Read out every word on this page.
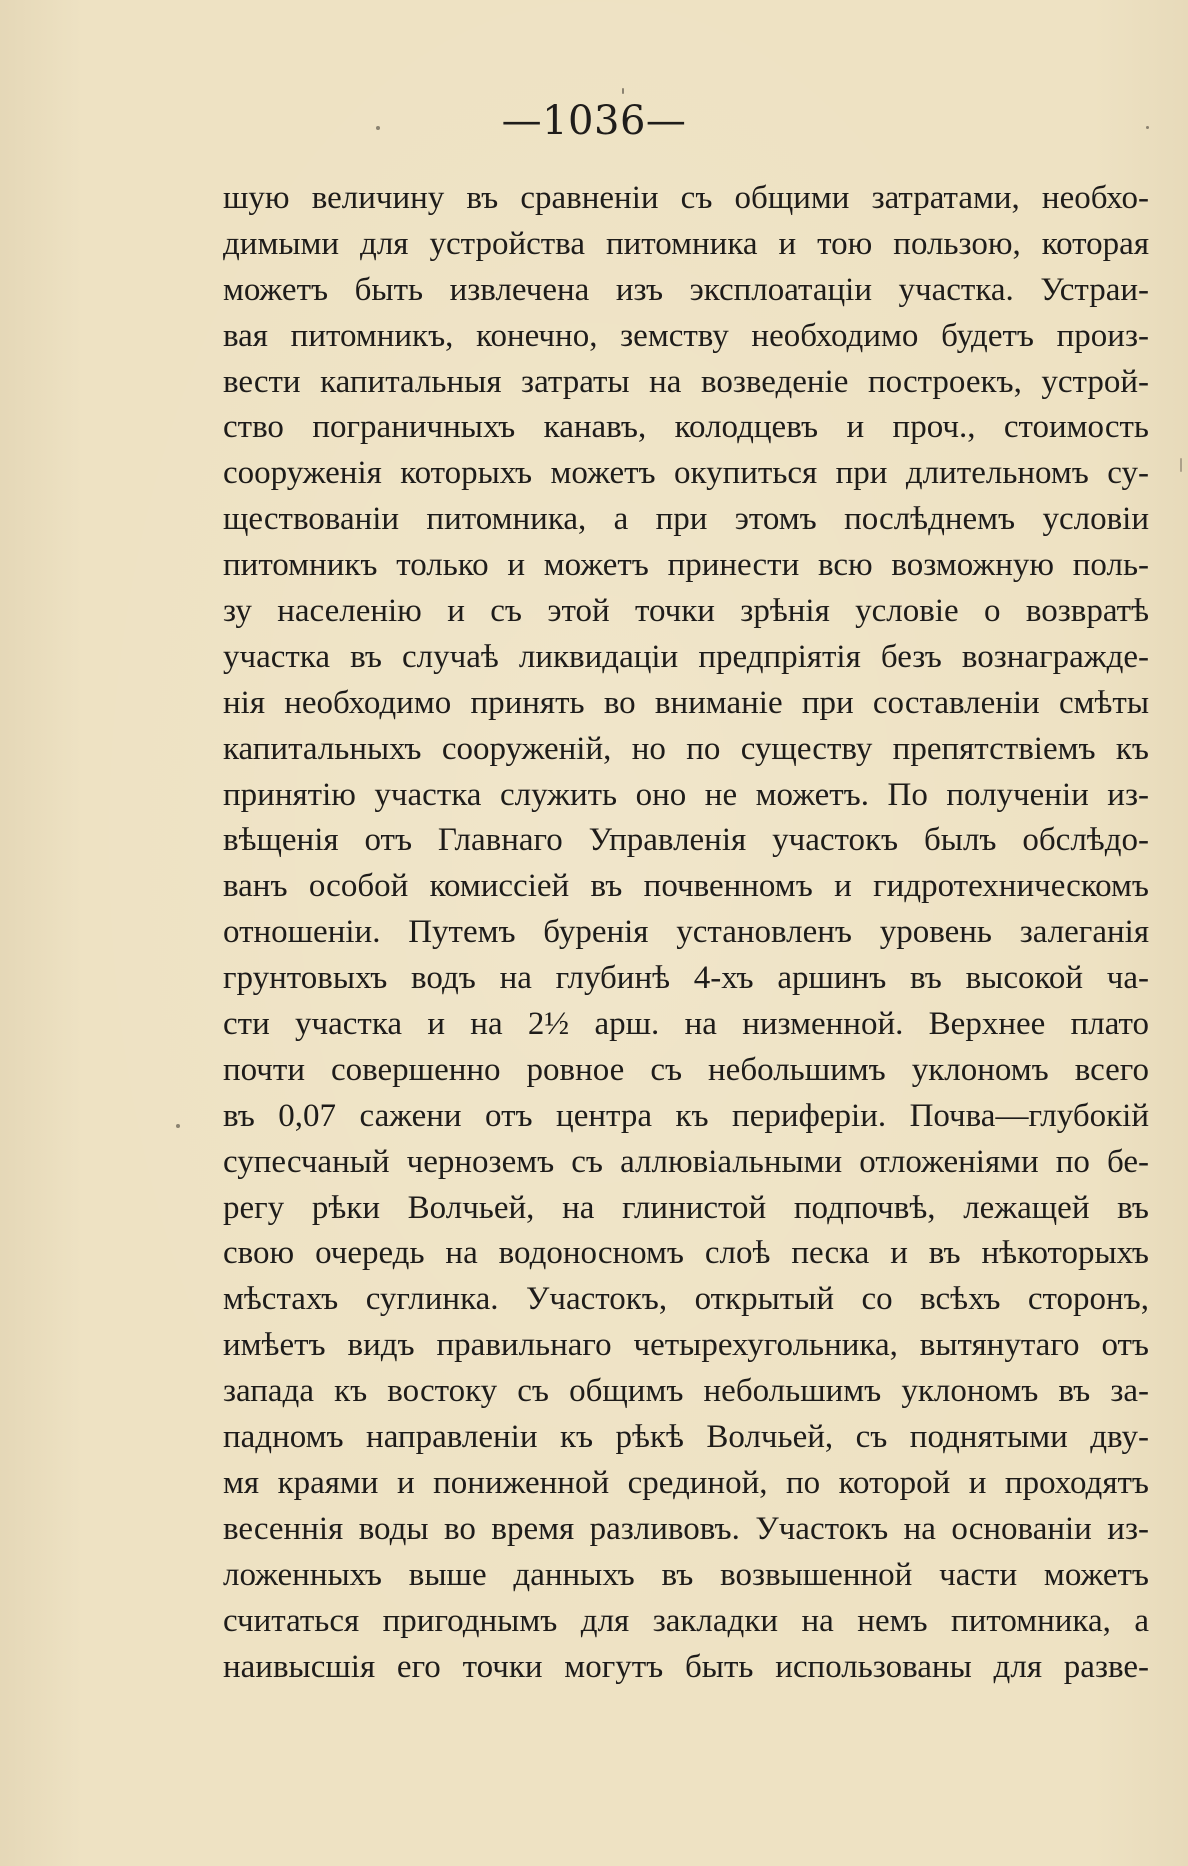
—1036—
шую величину въ сравненіи съ общими затратами, необхо-
димыми для устройства питомника и тою пользою, которая
можетъ быть извлечена изъ эксплоатаціи участка. Устраи-
вая питомникъ, конечно, земству необходимо будетъ произ-
вести капитальныя затраты на возведеніе построекъ, устрой-
ство пограничныхъ канавъ, колодцевъ и проч., стоимость
сооруженія которыхъ можетъ окупиться при длительномъ су-
ществованіи питомника, а при этомъ послѣднемъ условіи
питомникъ только и можетъ принести всю возможную поль-
зу населенію и съ этой точки зрѣнія условіе о возвратѣ
участка въ случаѣ ликвидаціи предпріятія безъ вознагражде-
нія необходимо принять во вниманіе при составленіи смѣты
капитальныхъ сооруженій, но по существу препятствіемъ къ
принятію участка служить оно не можетъ. По полученіи из-
вѣщенія отъ Главнаго Управленія участокъ былъ обслѣдо-
ванъ особой комиссіей въ почвенномъ и гидротехническомъ
отношеніи. Путемъ буренія установленъ уровень залеганія
грунтовыхъ водъ на глубинѣ 4-хъ аршинъ въ высокой ча-
сти участка и на 2½ арш. на низменной. Верхнее плато
почти совершенно ровное съ небольшимъ уклономъ всего
въ 0,07 сажени отъ центра къ периферіи. Почва—глубокій
супесчаный черноземъ съ аллювіальными отложеніями по бе-
регу рѣки Волчьей, на глинистой подпочвѣ, лежащей въ
свою очередь на водоносномъ слоѣ песка и въ нѣкоторыхъ
мѣстахъ суглинка. Участокъ, открытый со всѣхъ сторонъ,
имѣетъ видъ правильнаго четырехугольника, вытянутаго отъ
запада къ востоку съ общимъ небольшимъ уклономъ въ за-
падномъ направленіи къ рѣкѣ Волчьей, съ поднятыми дву-
мя краями и пониженной срединой, по которой и проходятъ
весеннія воды во время разливовъ. Участокъ на основаніи из-
ложенныхъ выше данныхъ въ возвышенной части можетъ
считаться пригоднымъ для закладки на немъ питомника, а
наивысшія его точки могутъ быть использованы для разве-
